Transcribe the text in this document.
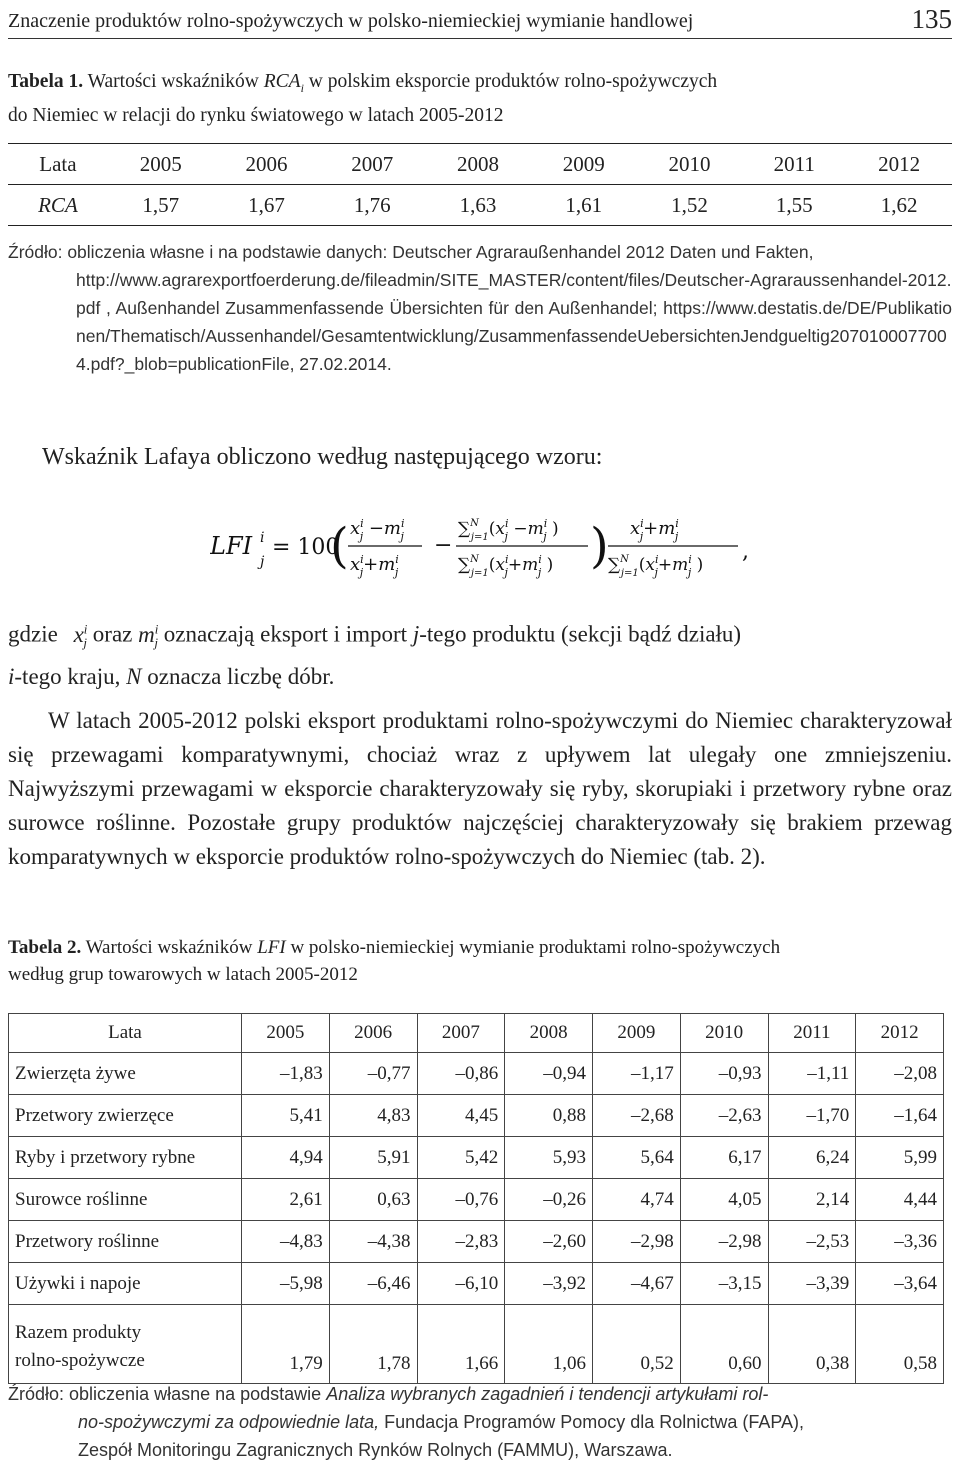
Znaczenie produktów rolno-spożywczych w polsko-niemieckiej wymianie handlowej	135
Tabela 1. Wartości wskaźników $RCA_i$ w polskim eksporcie produktów rolno-spożywczych
do Niemiec w relacji do rynku światowego w latach 2005-2012
Lata	2005	2006	2007	2008	2009	2010	2011	2012
RCA	1,57	1,67	1,76	1,63	1,61	1,52	1,55	1,62
Źródło: obliczenia własne i na podstawie danych: Deutscher Agraraußenhandel 2012 Daten und Fakten,
http://www.agrarexportfoerderung.de/fileadmin/SITE_MASTER/content/files/Deutscher-Agraraussenhandel-2012.pdf , Außenhandel Zusammenfassende Übersichten für den Außenhandel; https://www.destatis.de/DE/Publikationen/Thematisch/Aussenhandel/Gesamtentwicklung/ZusammenfassendeUebersichtenJendgueltig2070100077004.pdf?_blob=publicationFile, 27.02.2014.
Wskaźnik Lafaya obliczono według następującego wzoru:
LFI i
j
= 100
( $x^i$ $j -m^i$ j
$x^i$ $j+m^i$ j
−
∑$^N$ $j=1(x^i$ $j -m^i$ j )
∑$^N$ $j=1(x^i$ $j+m^i$ j ) ) $x^i$ $j+m^i$ j
∑$^N$ $j=1(x^i$ $j+m^i$ j )
,
gdzie $x^i_j$ oraz $m^i_j$ oznaczają eksport i import j-tego produktu (sekcji bądź działu)
i-tego kraju, N oznacza liczbę dóbr.
W latach 2005-2012 polski eksport produktami rolno-spożywczymi do Niemiec charakteryzował się przewagami komparatywnymi, chociaż wraz z upływem lat ulegały one zmniejszeniu. Najwyższymi przewagami w eksporcie charakteryzowały się ryby, skorupiaki i przetwory rybne oraz surowce roślinne. Pozostałe grupy produktów najczęściej charakteryzowały się brakiem przewag komparatywnych w eksporcie produktów rolno-spożywczych do Niemiec (tab. 2).
Tabela 2. Wartości wskaźników LFI w polsko-niemieckiej wymianie produktami rolno-spożywczych
według grup towarowych w latach 2005-2012
Lata	2005	2006	2007	2008	2009	2010	2011	2012
Zwierzęta żywe	–1,83	–0,77	–0,86	–0,94	–1,17	–0,93	–1,11	–2,08
Przetwory zwierzęce	5,41	4,83	4,45	0,88	–2,68	–2,63	–1,70	–1,64
Ryby i przetwory rybne	4,94	5,91	5,42	5,93	5,64	6,17	6,24	5,99
Surowce roślinne	2,61	0,63	–0,76	–0,26	4,74	4,05	2,14	4,44
Przetwory roślinne	–4,83	–4,38	–2,83	–2,60	–2,98	–2,98	–2,53	–3,36
Używki i napoje	–5,98	–6,46	–6,10	–3,92	–4,67	–3,15	–3,39	–3,64
Razem produkty
rolno-spożywcze	1,79	1,78	1,66	1,06	0,52	0,60	0,38	0,58
Źródło: obliczenia własne na podstawie Analiza wybranych zagadnień i tendencji artykułami rol-
no-spożywczymi za odpowiednie lata, Fundacja Programów Pomocy dla Rolnictwa (FAPA),
Zespół Monitoringu Zagranicznych Rynków Rolnych (FAMMU), Warszawa.
